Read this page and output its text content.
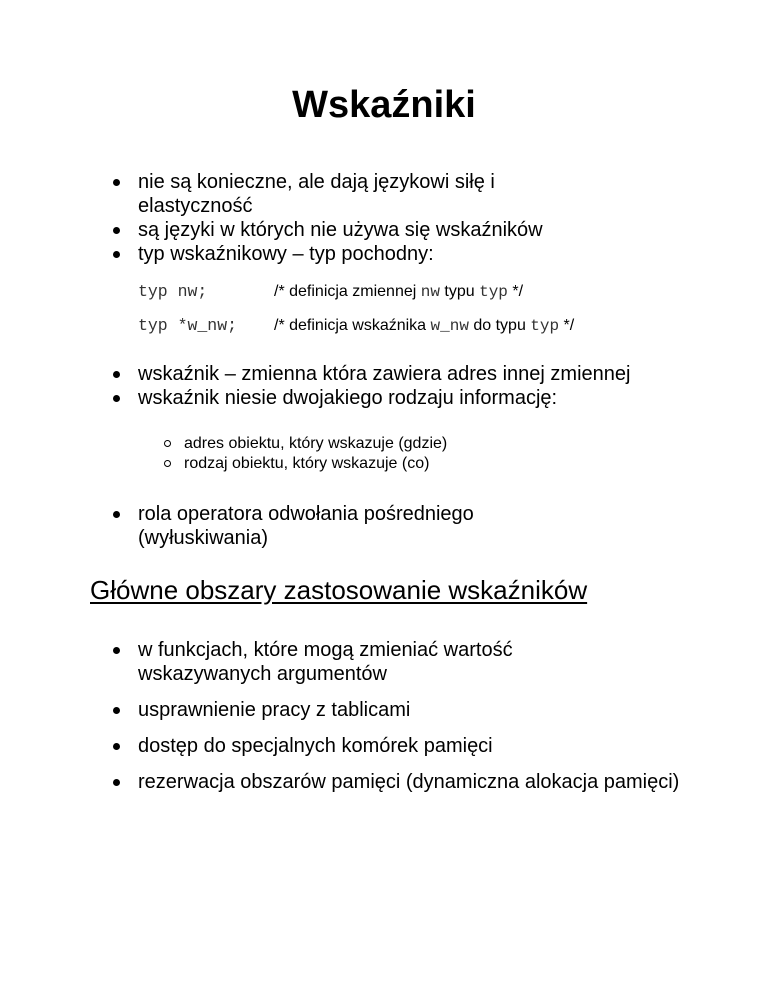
Wskaźniki
nie są konieczne, ale dają językowi siłę i elastyczność
są języki w których nie używa się wskaźników
typ wskaźnikowy – typ pochodny:
typ nw;	/* definicja zmiennej nw typu typ */
typ *w_nw; /* definicja wskaźnika w_nw do typu typ */
wskaźnik – zmienna która zawiera adres innej zmiennej
wskaźnik niesie dwojakiego rodzaju informację:
adres obiektu, który wskazuje (gdzie)
rodzaj obiektu, który wskazuje (co)
rola operatora odwołania pośredniego (wyłuskiwania)
Główne obszary zastosowanie wskaźników
w funkcjach, które mogą zmieniać wartość wskazywanych argumentów
usprawnienie pracy z tablicami
dostęp do specjalnych komórek pamięci
rezerwacja obszarów pamięci (dynamiczna alokacja pamięci)
